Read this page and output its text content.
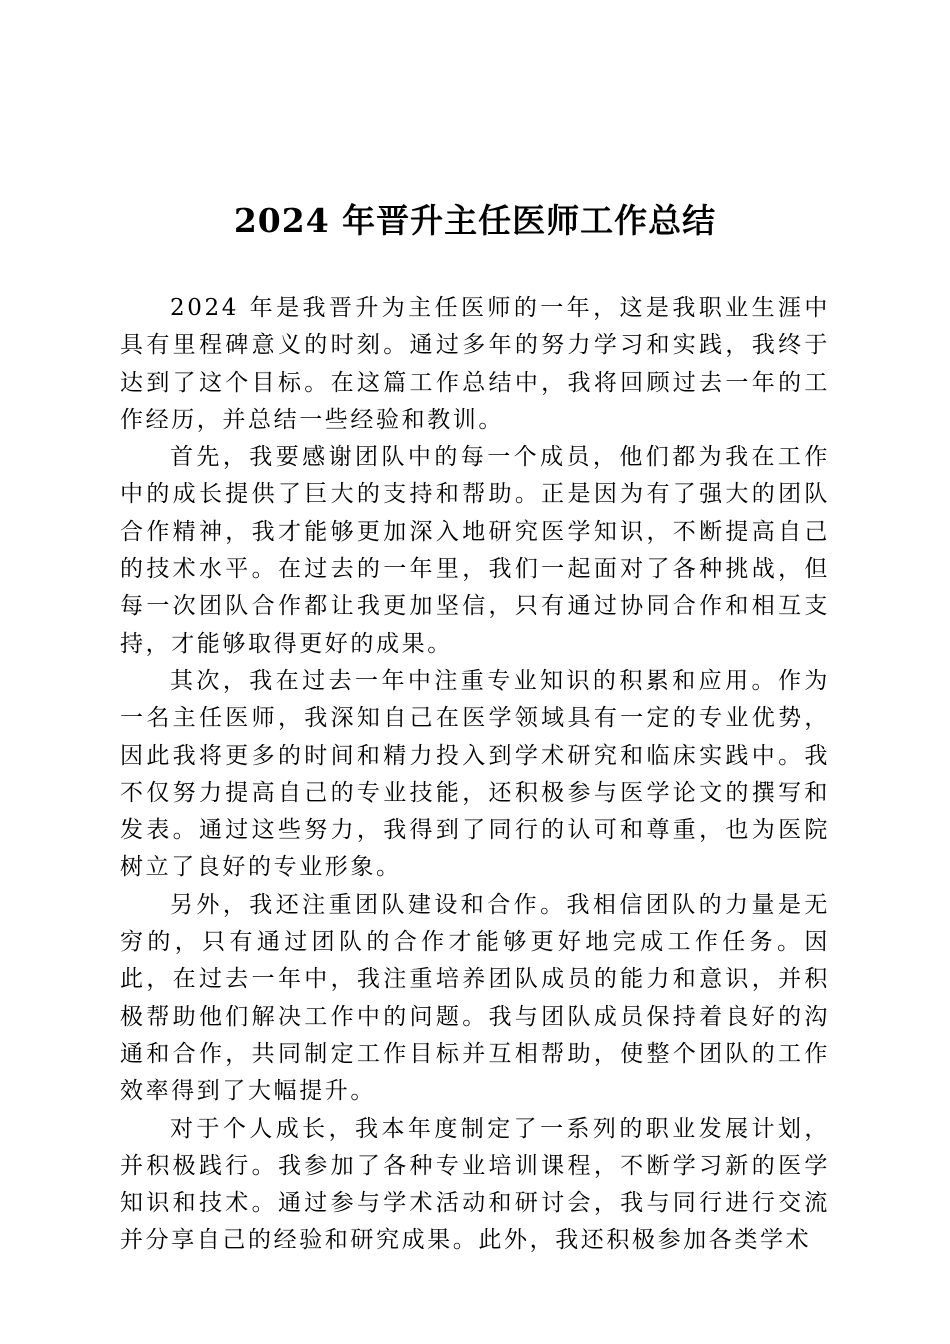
2024 年晋升主任医师工作总结

2024 年是我晋升为主任医师的一年，这是我职业生涯中具有里程碑意义的时刻。通过多年的努力学习和实践，我终于达到了这个目标。在这篇工作总结中，我将回顾过去一年的工作经历，并总结一些经验和教训。

首先，我要感谢团队中的每一个成员，他们都为我在工作中的成长提供了巨大的支持和帮助。正是因为有了强大的团队合作精神，我才能够更加深入地研究医学知识，不断提高自己的技术水平。在过去的一年里，我们一起面对了各种挑战，但每一次团队合作都让我更加坚信，只有通过协同合作和相互支持，才能够取得更好的成果。

其次，我在过去一年中注重专业知识的积累和应用。作为一名主任医师，我深知自己在医学领域具有一定的专业优势，因此我将更多的时间和精力投入到学术研究和临床实践中。我不仅努力提高自己的专业技能，还积极参与医学论文的撰写和发表。通过这些努力，我得到了同行的认可和尊重，也为医院树立了良好的专业形象。

另外，我还注重团队建设和合作。我相信团队的力量是无穷的，只有通过团队的合作才能够更好地完成工作任务。因此，在过去一年中，我注重培养团队成员的能力和意识，并积极帮助他们解决工作中的问题。我与团队成员保持着良好的沟通和合作，共同制定工作目标并互相帮助，使整个团队的工作效率得到了大幅提升。

对于个人成长，我本年度制定了一系列的职业发展计划，并积极践行。我参加了各种专业培训课程，不断学习新的医学知识和技术。通过参与学术活动和研讨会，我与同行进行交流并分享自己的经验和研究成果。此外，我还积极参加各类学术
